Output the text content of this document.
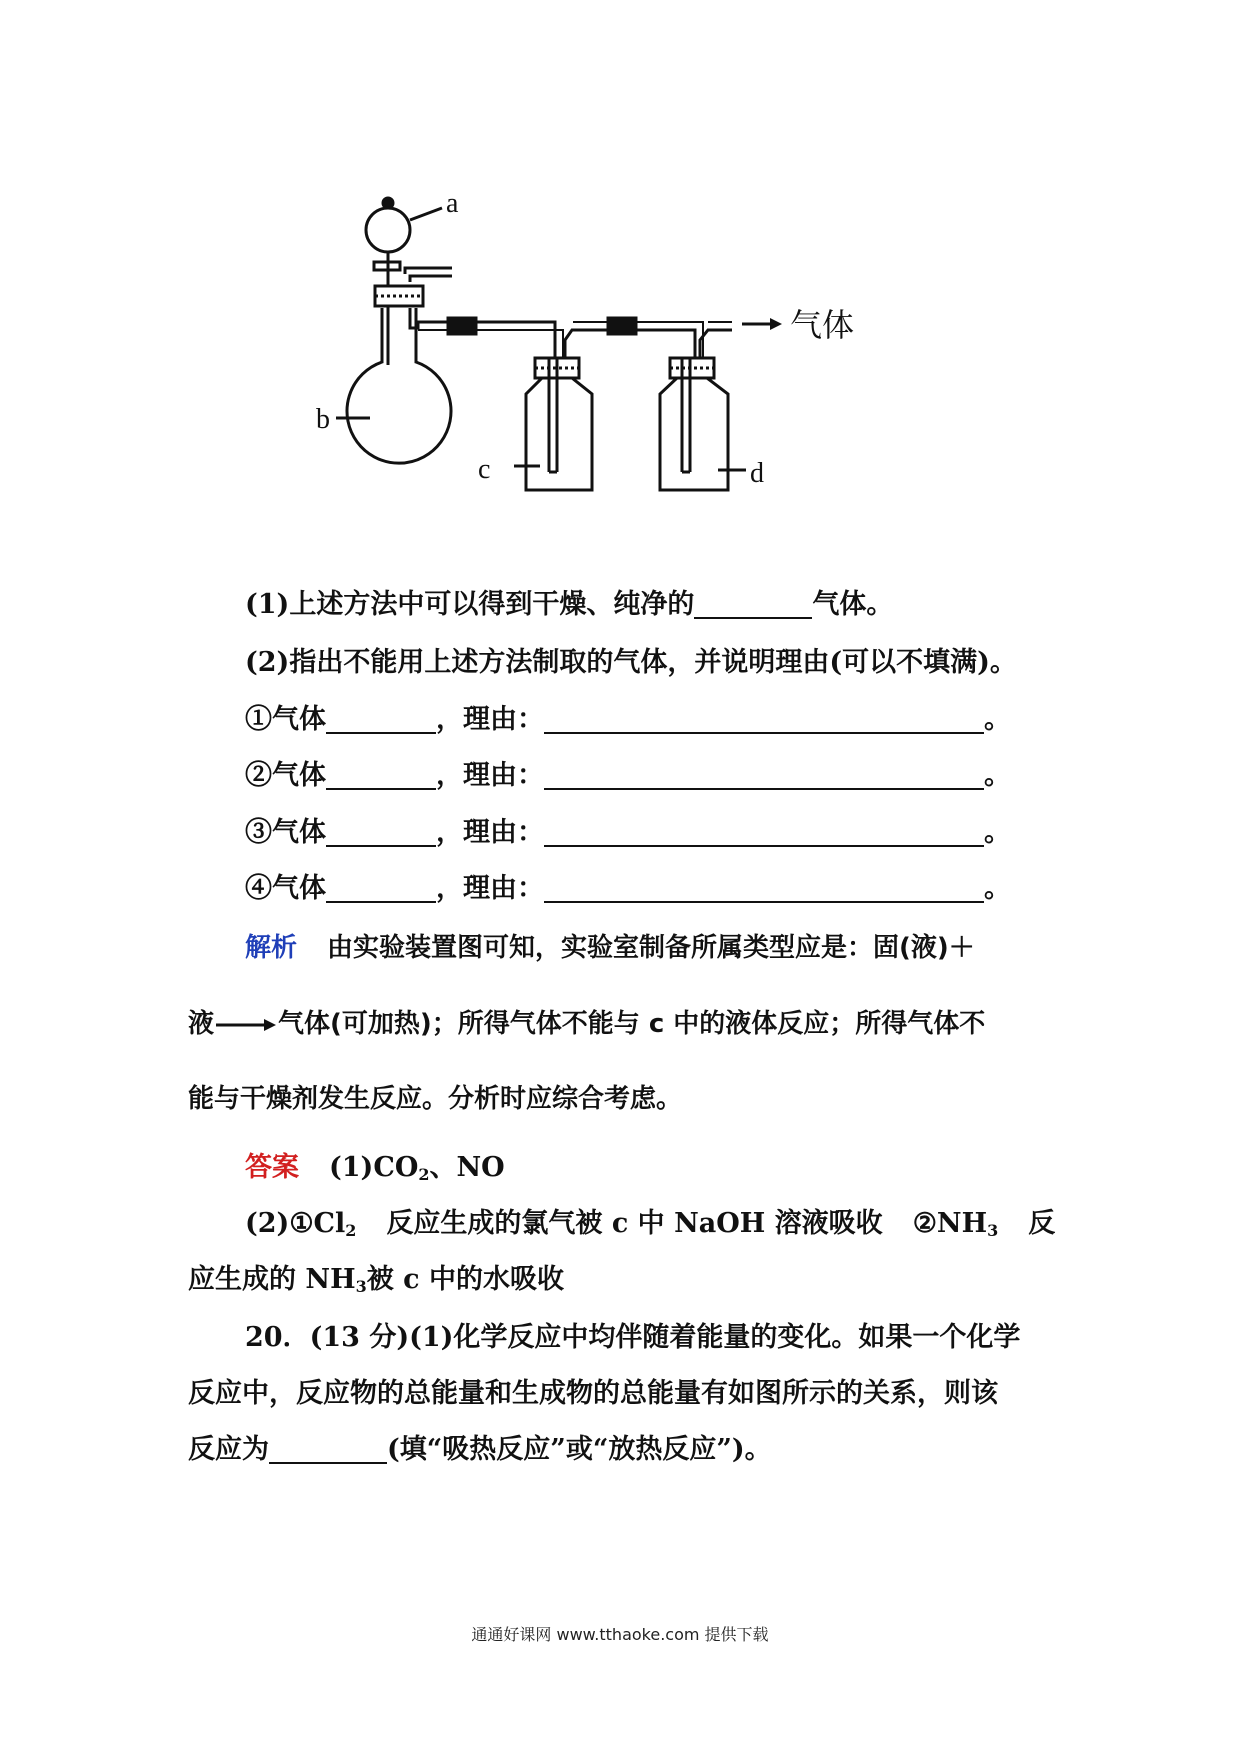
a
b
c	d
气体
(1)上述方法中可以得到干燥、纯净的	气体。
(2)指出不能用上述方法制取的气体，并说明理由(可以不填满)。
①气体	，理由：	。
②气体	，理由：	。
③气体	，理由：	。
④气体	，理由：	。
解析 由实验装置图可知，实验室制备所属类型应是：固(液)＋
液→气体(可加热)；所得气体不能与 c 中的液体反应；所得气体不
能与干燥剂发生反应。分析时应综合考虑。
答案 $(1)CO_2$、NO
$(2)①Cl_2$ 反应生成的氯气被 c 中 NaOH 溶液吸收 $②NH_3$ 反
应生成的 $NH_3$被 c 中的水吸收
20．(13 分)(1)化学反应中均伴随着能量的变化。如果一个化学
反应中，反应物的总能量和生成物的总能量有如图所示的关系，则该
反应为	(填“吸热反应”或“放热反应”)。
通通好课网 www.tthaoke.com 提供下载
